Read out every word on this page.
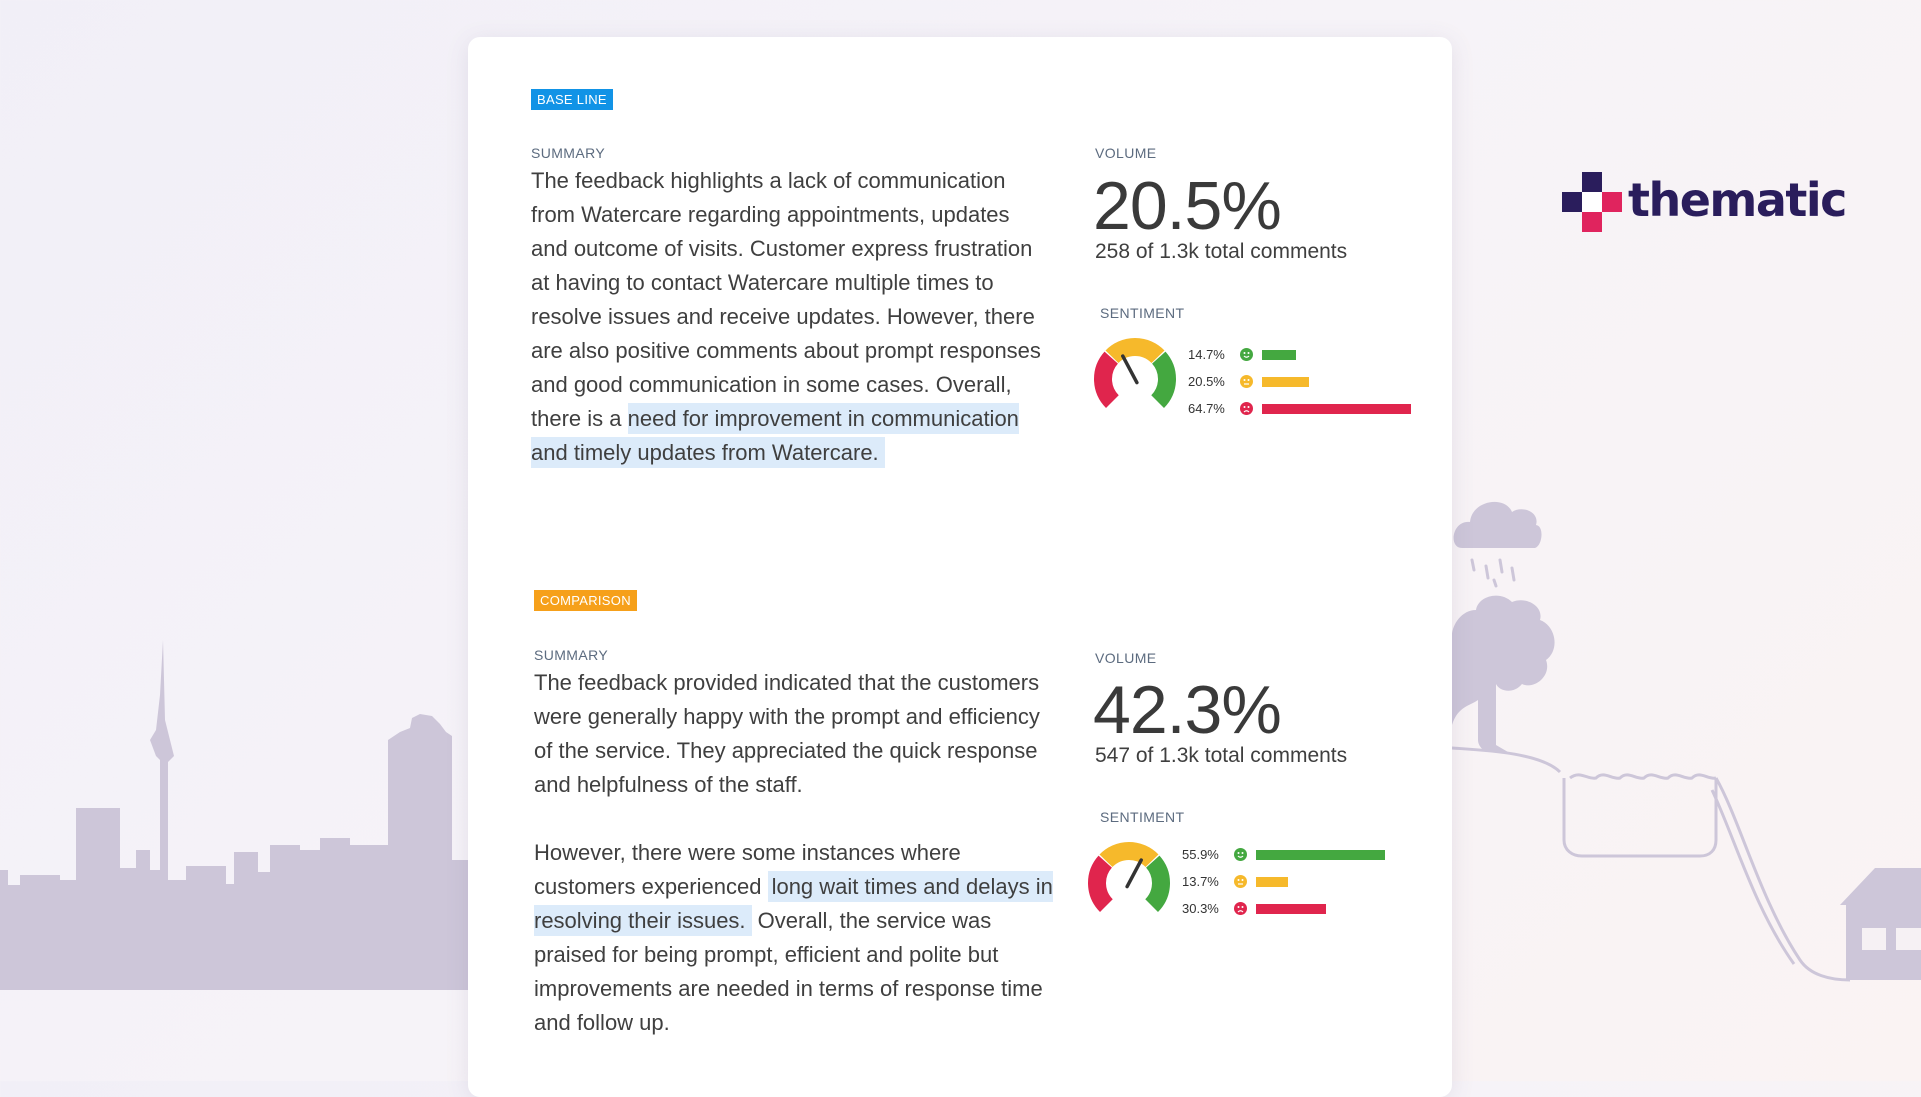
thematic
BASE LINE
SUMMARY

The feedback highlights a lack of communication from Watercare regarding appointments, updates and outcome of visits. Customer express frustration at having to contact Watercare multiple times to resolve issues and receive updates. However, there are also positive comments about prompt responses and good communication in some cases. Overall, there is a need for improvement in communication and timely updates from Watercare.

VOLUME
20.5%
258 of 1.3k total comments
SENTIMENT
14.7%
20.5%
64.7%
COMPARISON
SUMMARY

The feedback provided indicated that the customers were generally happy with the prompt and efficiency of the service. They appreciated the quick response and helpfulness of the staff.

However, there were some instances where customers experienced long wait times and delays in resolving their issues. Overall, the service was praised for being prompt, efficient and polite but improvements are needed in terms of response time and follow up.

VOLUME
42.3%
547 of 1.3k total comments
SENTIMENT
55.9%
13.7%
30.3%
